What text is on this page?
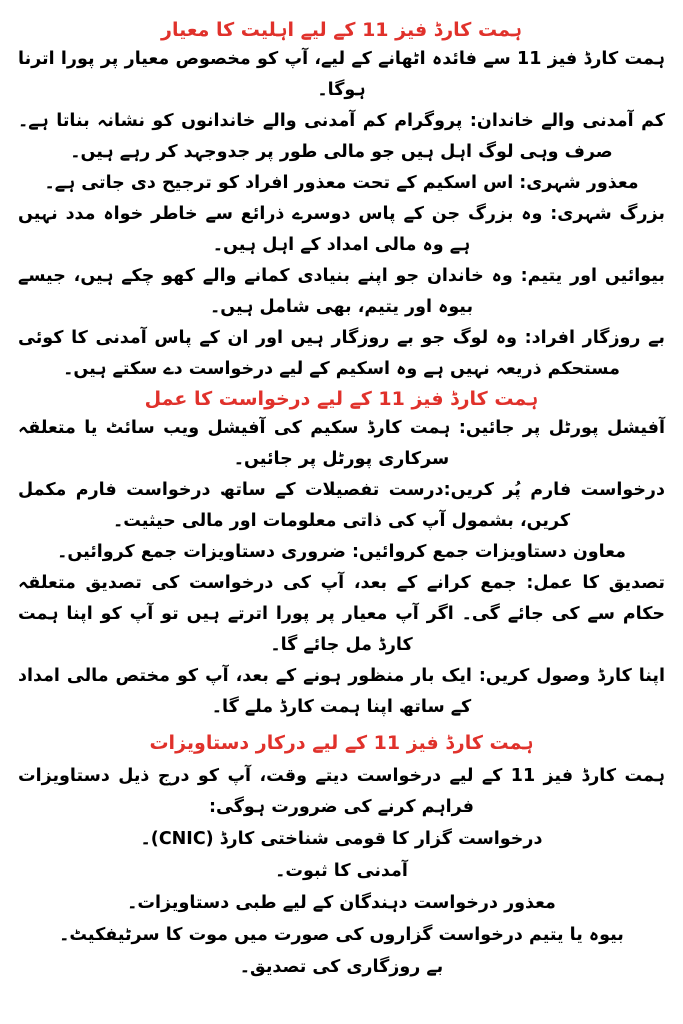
ہمت کارڈ فیز 11 کے لیے اہلیت کا معیار

ہمت کارڈ فیز 11 سے فائدہ اٹھانے کے لیے، آپ کو مخصوص معیار پر پورا اترنا ہوگا۔

کم آمدنی والے خاندان: پروگرام کم آمدنی والے خاندانوں کو نشانہ بناتا ہے۔ صرف وہی لوگ اہل ہیں جو مالی طور پر جدوجہد کر رہے ہیں۔

معذور شہری: اس اسکیم کے تحت معذور افراد کو ترجیح دی جاتی ہے۔

بزرگ شہری: وہ بزرگ جن کے پاس دوسرے ذرائع سے خاطر خواہ مدد نہیں ہے وہ مالی امداد کے اہل ہیں۔

بیوائیں اور یتیم: وہ خاندان جو اپنے بنیادی کمانے والے کھو چکے ہیں، جیسے بیوہ اور یتیم، بھی شامل ہیں۔

بے روزگار افراد: وہ لوگ جو بے روزگار ہیں اور ان کے پاس آمدنی کا کوئی مستحکم ذریعہ نہیں ہے وہ اسکیم کے لیے درخواست دے سکتے ہیں۔

ہمت کارڈ فیز 11 کے لیے درخواست کا عمل

آفیشل پورٹل پر جائیں: ہمت کارڈ سکیم کی آفیشل ویب سائٹ یا متعلقہ سرکاری پورٹل پر جائیں۔

درخواست فارم پُر کریں:درست تفصیلات کے ساتھ درخواست فارم مکمل کریں، بشمول آپ کی ذاتی معلومات اور مالی حیثیت۔

معاون دستاویزات جمع کروائیں: ضروری دستاویزات جمع کروائیں۔

تصدیق کا عمل: جمع کرانے کے بعد، آپ کی درخواست کی تصدیق متعلقہ حکام سے کی جائے گی۔ اگر آپ معیار پر پورا اترتے ہیں تو آپ کو اپنا ہمت کارڈ مل جائے گا۔

اپنا کارڈ وصول کریں: ایک بار منظور ہونے کے بعد، آپ کو مختص مالی امداد کے ساتھ اپنا ہمت کارڈ ملے گا۔

ہمت کارڈ فیز 11 کے لیے درکار دستاویزات

ہمت کارڈ فیز 11 کے لیے درخواست دیتے وقت، آپ کو درج ذیل دستاویزات فراہم کرنے کی ضرورت ہوگی:

درخواست گزار کا قومی شناختی کارڈ (CNIC)۔
آمدنی کا ثبوت۔
معذور درخواست دہندگان کے لیے طبی دستاویزات۔
بیوہ یا یتیم درخواست گزاروں کی صورت میں موت کا سرٹیفکیٹ۔
بے روزگاری کی تصدیق۔
